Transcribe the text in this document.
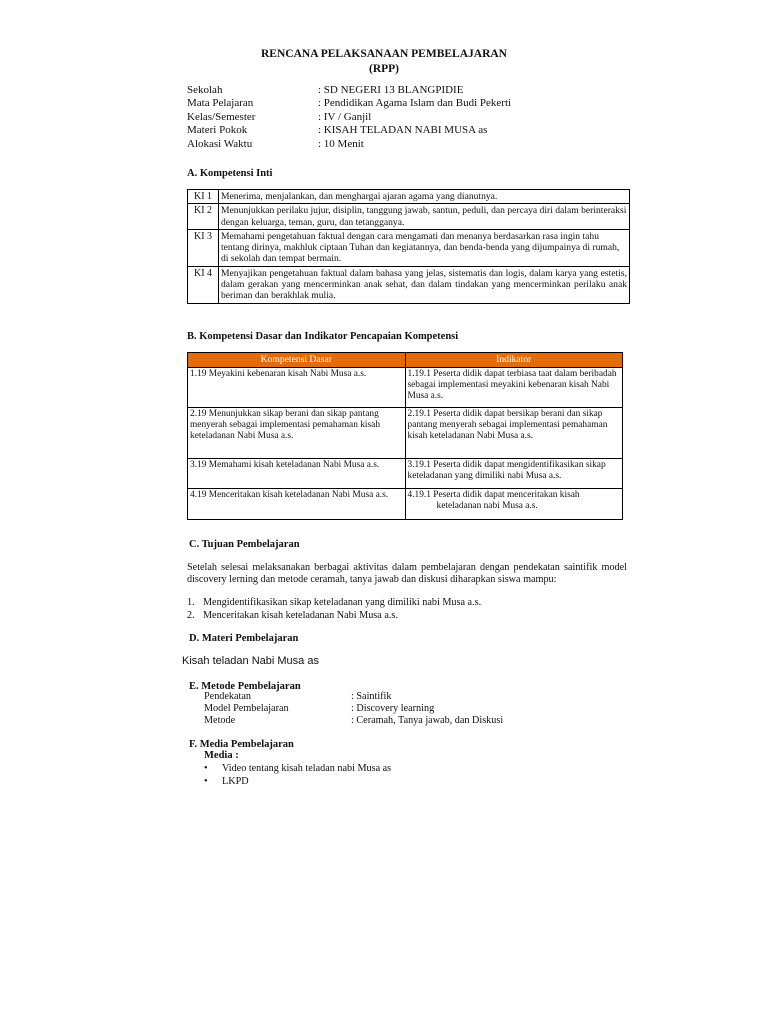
RENCANA PELAKSANAAN PEMBELAJARAN
(RPP)
Sekolah	: SD NEGERI 13 BLANGPIDIE
Mata Pelajaran	: Pendidikan Agama Islam dan Budi Pekerti
Kelas/Semester	: IV / Ganjil
Materi Pokok	: KISAH TELADAN NABI MUSA as
Alokasi Waktu	: 10 Menit
A. Kompetensi Inti
KI 1	Menerima, menjalankan, dan menghargai ajaran agama yang dianutnya.
KI 2	Menunjukkan perilaku jujur, disiplin, tanggung jawab, santun, peduli, dan percaya diri dalam berinteraksi dengan keluarga, teman, guru, dan tetangganya.
KI 3	Memahami pengetahuan faktual dengan cara mengamati dan menanya berdasarkan rasa ingin tahu tentang dirinya, makhluk ciptaan Tuhan dan kegiatannya, dan benda-benda yang dijumpainya di rumah, di sekolah dan tempat bermain.
KI 4	Menyajikan pengetahuan faktual dalam bahasa yang jelas, sistematis dan logis, dalam karya yang estetis, dalam gerakan yang mencerminkan anak sehat, dan dalam tindakan yang mencerminkan perilaku anak beriman dan berakhlak mulia.
B. Kompetensi Dasar dan Indikator Pencapaian Kompetensi
Kompetensi Dasar	Indikator
1.19 Meyakini kebenaran kisah Nabi Musa a.s.	1.19.1 Peserta didik dapat terbiasa taat dalam beribadah sebagai implementasi meyakini kebenaran kisah Nabi Musa a.s.
2.19 Menunjukkan sikap berani dan sikap pantang menyerah sebagai implementasi pemahaman kisah keteladanan Nabi Musa a.s.	2.19.1 Peserta didik dapat bersikap berani dan sikap pantang menyerah sebagai implementasi pemahaman kisah keteladanan Nabi Musa a.s.
3.19 Memahami kisah keteladanan Nabi Musa a.s.	3.19.1 Peserta didik dapat mengidentifikasikan sikap keteladanan yang dimiliki nabi Musa a.s.
4.19 Menceritakan kisah keteladanan Nabi Musa a.s.	4.19.1 Peserta didik dapat menceritakan kisah
keteladanan nabi Musa a.s.
C. Tujuan Pembelajaran
Setelah selesai melaksanakan berbagai aktivitas dalam pembelajaran dengan pendekatan saintifik model discovery lerning dan metode ceramah, tanya jawab dan diskusi diharapkan siswa mampu:
1. Mengidentifikasikan sikap keteladanan yang dimiliki nabi Musa a.s.
2. Menceritakan kisah keteladanan Nabi Musa a.s.
D. Materi Pembelajaran
Kisah teladan Nabi Musa as
E. Metode Pembelajaran
Pendekatan	: Saintifik
Model Pembelajaran	: Discovery learning
Metode	: Ceramah, Tanya jawab, dan Diskusi
F. Media Pembelajaran
Media :
•	Video tentang kisah teladan nabi Musa as
•	LKPD
